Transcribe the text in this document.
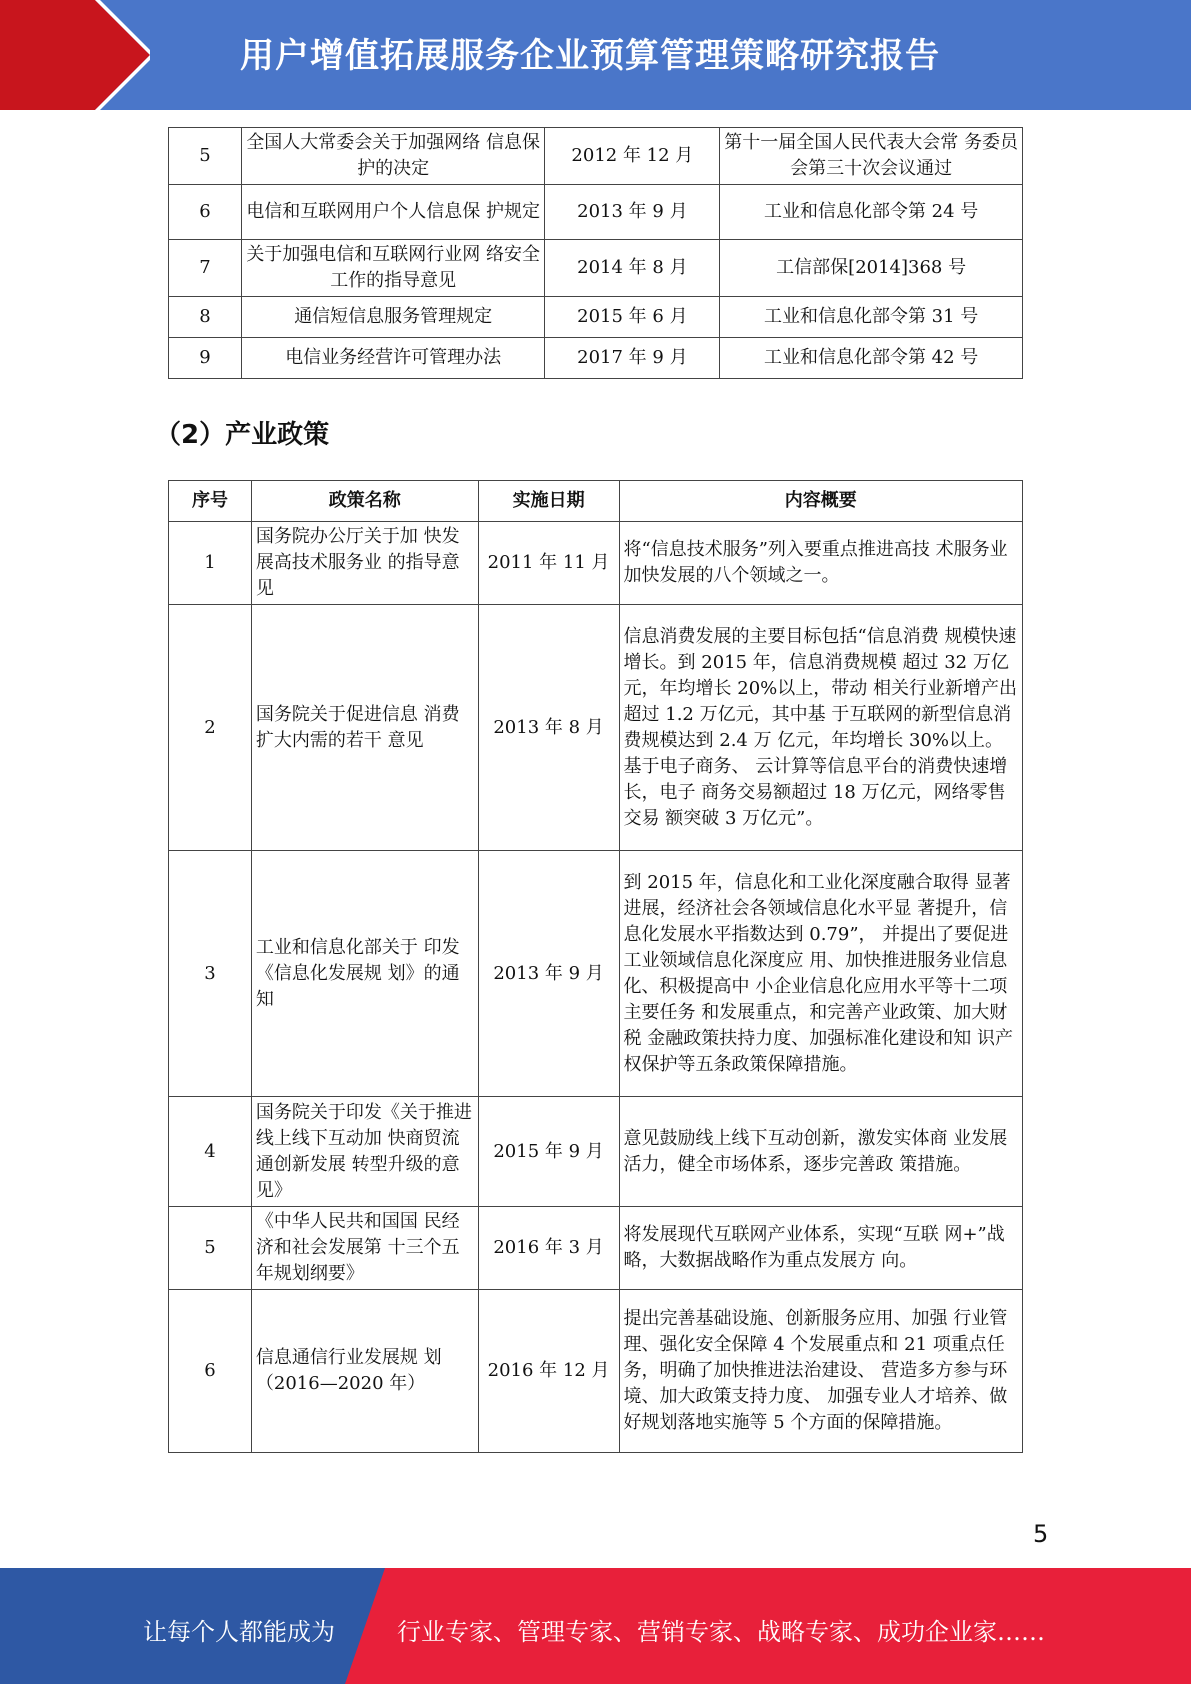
用户增值拓展服务企业预算管理策略研究报告
5	全国人大常委会关于加强网络 信息保护的决定	2012 年 12 月	第十一届全国人民代表大会常 务委员会第三十次会议通过
6	电信和互联网用户个人信息保 护规定	2013 年 9 月	工业和信息化部令第 24 号
7	关于加强电信和互联网行业网 络安全工作的指导意见	2014 年 8 月	工信部保[2014]368 号
8	通信短信息服务管理规定	2015 年 6 月	工业和信息化部令第 31 号
9	电信业务经营许可管理办法	2017 年 9 月	工业和信息化部令第 42 号
（2）产业政策
序号	政策名称	实施日期	内容概要
1	国务院办公厅关于加 快发展高技术服务业 的指导意见	2011 年 11 月	将“信息技术服务”列入要重点推进高技 术服务业加快发展的八个领域之一。
2	国务院关于促进信息 消费扩大内需的若干 意见	2013 年 8 月	信息消费发展的主要目标包括“信息消费 规模快速增长。到 2015 年，信息消费规模 超过 32 万亿元，年均增长 20%以上，带动 相关行业新增产出超过 1.2 万亿元，其中基 于互联网的新型信息消费规模达到 2.4 万 亿元，年均增长 30%以上。基于电子商务、 云计算等信息平台的消费快速增长，电子 商务交易额超过 18 万亿元，网络零售交易 额突破 3 万亿元”。
3	工业和信息化部关于 印发《信息化发展规 划》的通知	2013 年 9 月	到 2015 年，信息化和工业化深度融合取得 显著进展，经济社会各领域信息化水平显 著提升，信息化发展水平指数达到 0.79”， 并提出了要促进工业领域信息化深度应 用、加快推进服务业信息化、积极提高中 小企业信息化应用水平等十二项主要任务 和发展重点，和完善产业政策、加大财税 金融政策扶持力度、加强标准化建设和知 识产权保护等五条政策保障措施。
4	国务院关于印发《关于推进线上线下互动加 快商贸流通创新发展 转型升级的意见》	2015 年 9 月	意见鼓励线上线下互动创新，激发实体商 业发展活力，健全市场体系，逐步完善政 策措施。
5	《中华人民共和国国 民经济和社会发展第 十三个五年规划纲要》	2016 年 3 月	将发展现代互联网产业体系，实现“互联 网+”战略，大数据战略作为重点发展方 向。
6	信息通信行业发展规 划（2016—2020 年）	2016 年 12 月	提出完善基础设施、创新服务应用、加强 行业管理、强化安全保障 4 个发展重点和 21 项重点任务，明确了加快推进法治建设、 营造多方参与环境、加大政策支持力度、 加强专业人才培养、做好规划落地实施等 5 个方面的保障措施。
5
让每个人都能成为	行业专家、管理专家、营销专家、战略专家、成功企业家……
